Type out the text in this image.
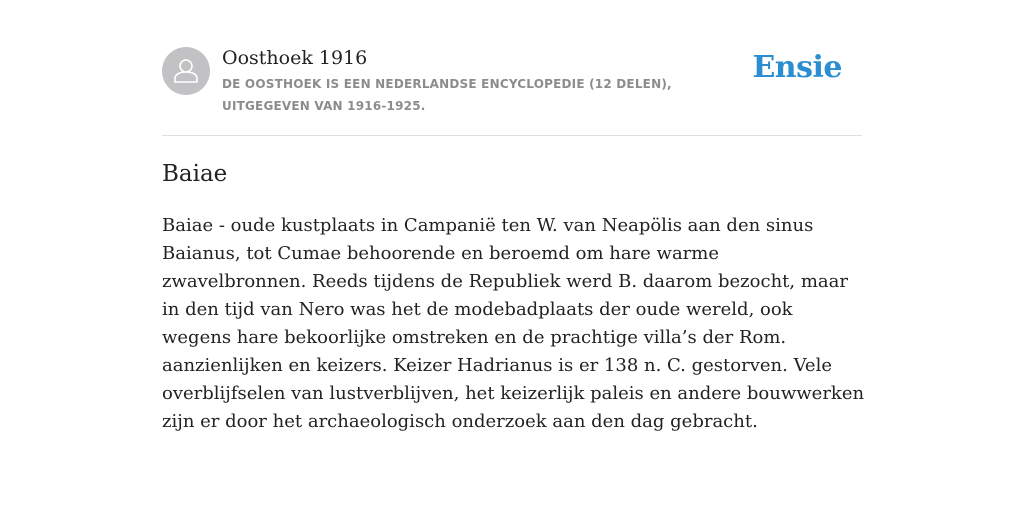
Oosthoek 1916
DE OOSTHOEK IS EEN NEDERLANDSE ENCYCLOPEDIE (12 DELEN), UITGEGEVEN VAN 1916-1925.
Ensie
Baiae

Baiae - oude kustplaats in Campanië ten W. van Neapölis aan den sinus Baianus, tot Cumae behoorende en beroemd om hare warme zwavelbronnen. Reeds tijdens de Republiek werd B. daarom bezocht, maar in den tijd van Nero was het de modebadplaats der oude wereld, ook wegens hare bekoorlijke omstreken en de prachtige villa’s der Rom. aanzienlijken en keizers. Keizer Hadrianus is er 138 n. C. gestorven. Vele overblijfselen van lustverblijven, het keizerlijk paleis en andere bouwwerken zijn er door het archaeologisch onderzoek aan den dag gebracht.
